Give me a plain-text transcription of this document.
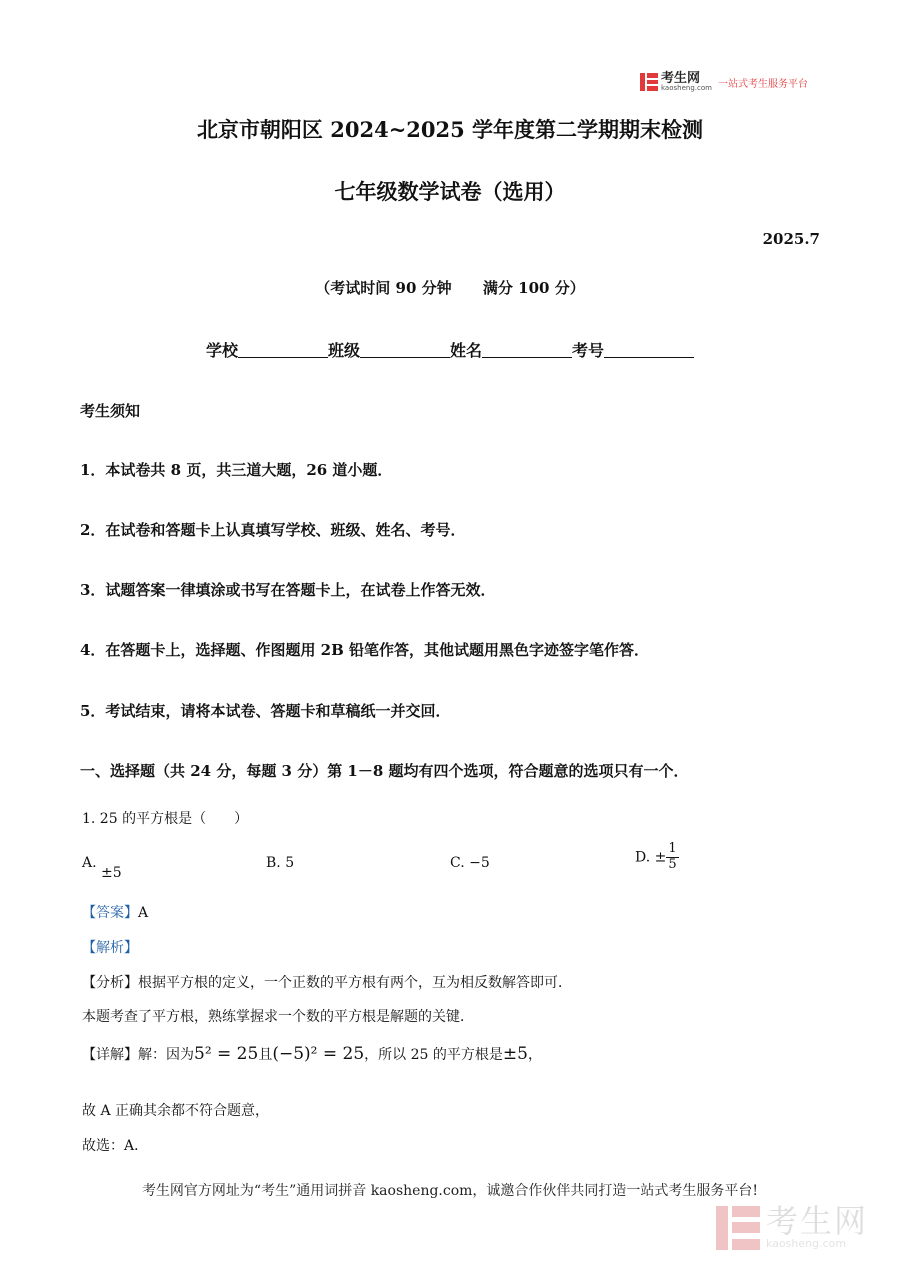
考生网
kaosheng.com 一站式考生服务平台
北京市朝阳区 2024~2025 学年度第二学期期末检测
七年级数学试卷（选用）
2025.7
（考试时间 90 分钟      满分 100 分）
学校	班级	姓名	考号
考生须知
1．本试卷共 8 页，共三道大题，26 道小题．
2．在试卷和答题卡上认真填写学校、班级、姓名、考号．
3．试题答案一律填涂或书写在答题卡上，在试卷上作答无效．
4．在答题卡上，选择题、作图题用 2B 铅笔作答，其他试题用黑色字迹签字笔作答．
5．考试结束，请将本试卷、答题卡和草稿纸一并交回．
一、选择题（共 24 分，每题 3 分）第 1－8 题均有四个选项，符合题意的选项只有一个．
1. 25 的平方根是（　　）
A. ±5
B. 5	C. −5	D. ± $\frac{1}{5}$
【答案】A
【解析】
【分析】根据平方根的定义，一个正数的平方根有两个，互为相反数解答即可．
本题考查了平方根，熟练掌握求一个数的平方根是解题的关键．
【详解】解：因为5² = 25且(−5)² = 25，所以 25 的平方根是±5，
故 A 正确其余都不符合题意，
故选：A．
考生网官方网址为“考生”通用词拼音 kaosheng.com，诚邀合作伙伴共同打造一站式考生服务平台!
考生网
kaosheng.com
